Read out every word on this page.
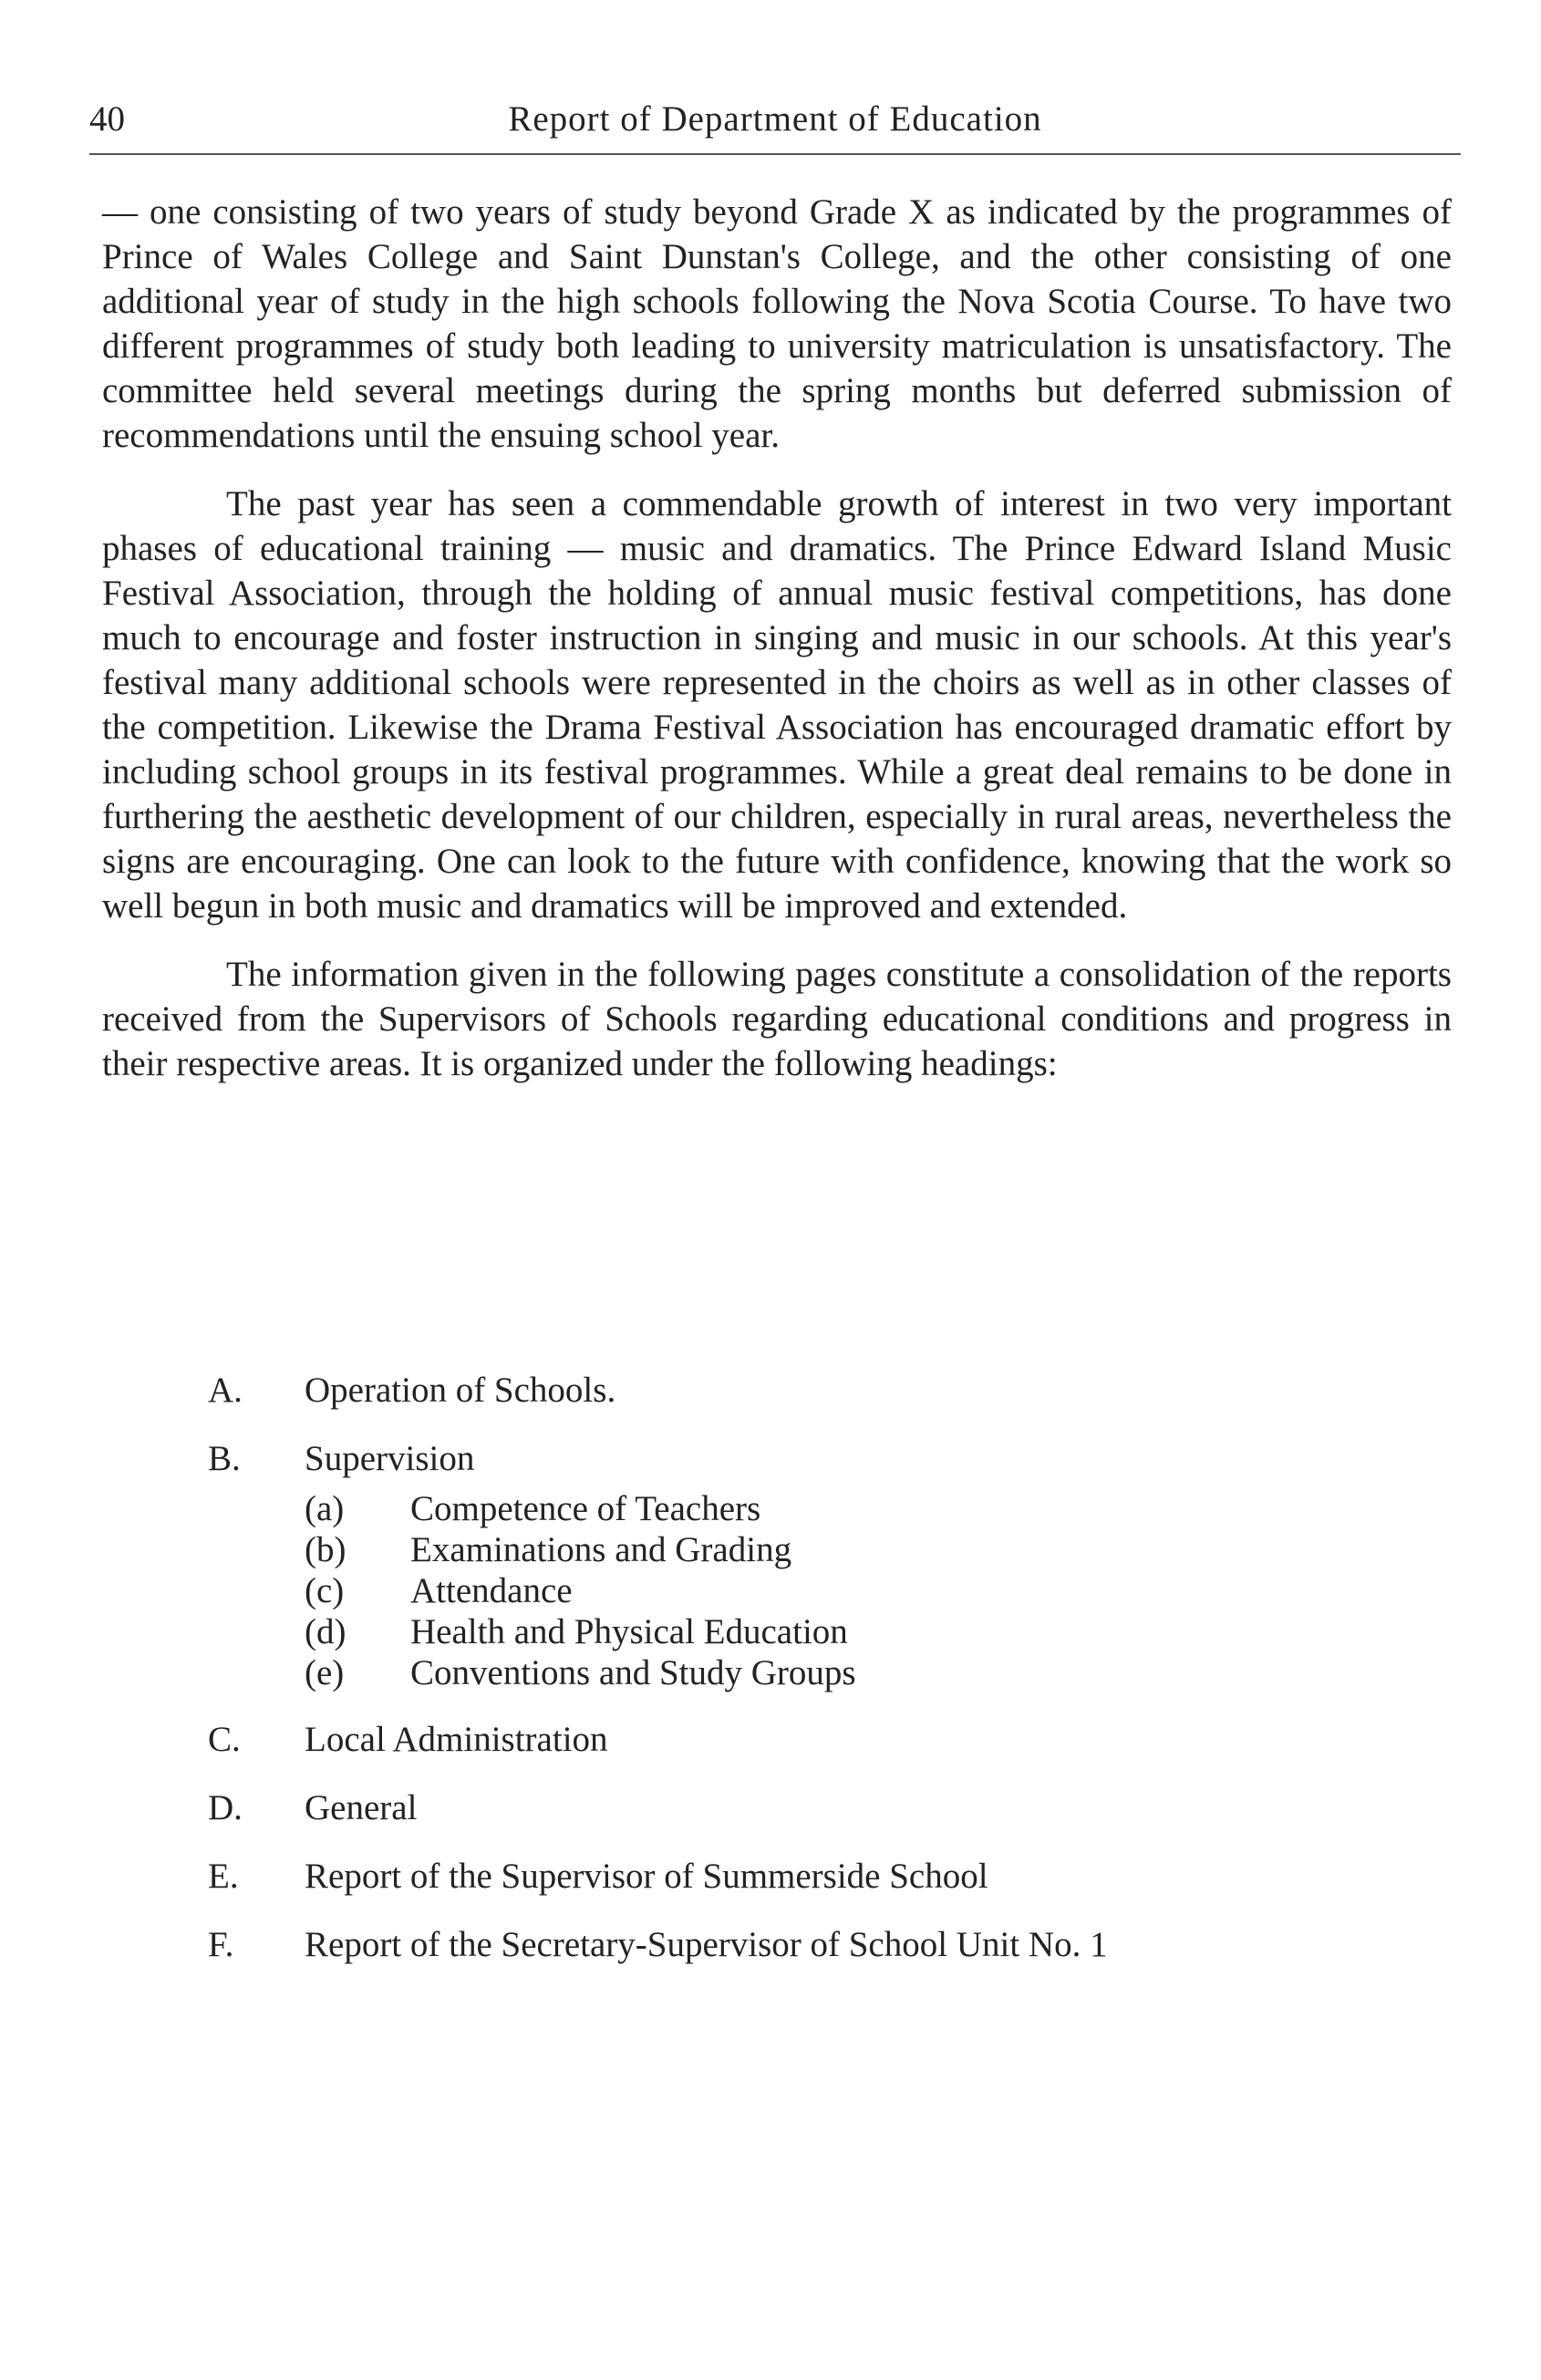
40	Report of Department of Education

— one consisting of two years of study beyond Grade X as indicated by the programmes of Prince of Wales College and Saint Dunstan's College, and the other consisting of one additional year of study in the high schools following the Nova Scotia Course. To have two different programmes of study both leading to university matriculation is unsatisfactory. The committee held several meetings during the spring months but deferred submission of recommendations until the ensuing school year.

The past year has seen a commendable growth of interest in two very important phases of educational training — music and dramatics. The Prince Edward Island Music Festival Association, through the holding of annual music festival competitions, has done much to encourage and foster instruction in singing and music in our schools. At this year's festival many additional schools were represented in the choirs as well as in other classes of the competition. Likewise the Drama Festival Association has encouraged dramatic effort by including school groups in its festival programmes. While a great deal remains to be done in furthering the aesthetic development of our children, especially in rural areas, nevertheless the signs are encouraging. One can look to the future with confidence, knowing that the work so well begun in both music and dramatics will be improved and extended.

The information given in the following pages constitute a consolidation of the reports received from the Supervisors of Schools regarding educational conditions and progress in their respective areas. It is organized under the following headings:

A.	Operation of Schools.
B.	Supervision
(a)	Competence of Teachers
(b)	Examinations and Grading
(c)	Attendance
(d)	Health and Physical Education
(e)	Conventions and Study Groups
C.	Local Administration
D.	General
E.	Report of the Supervisor of Summerside School
F.	Report of the Secretary-Supervisor of School Unit No. 1
